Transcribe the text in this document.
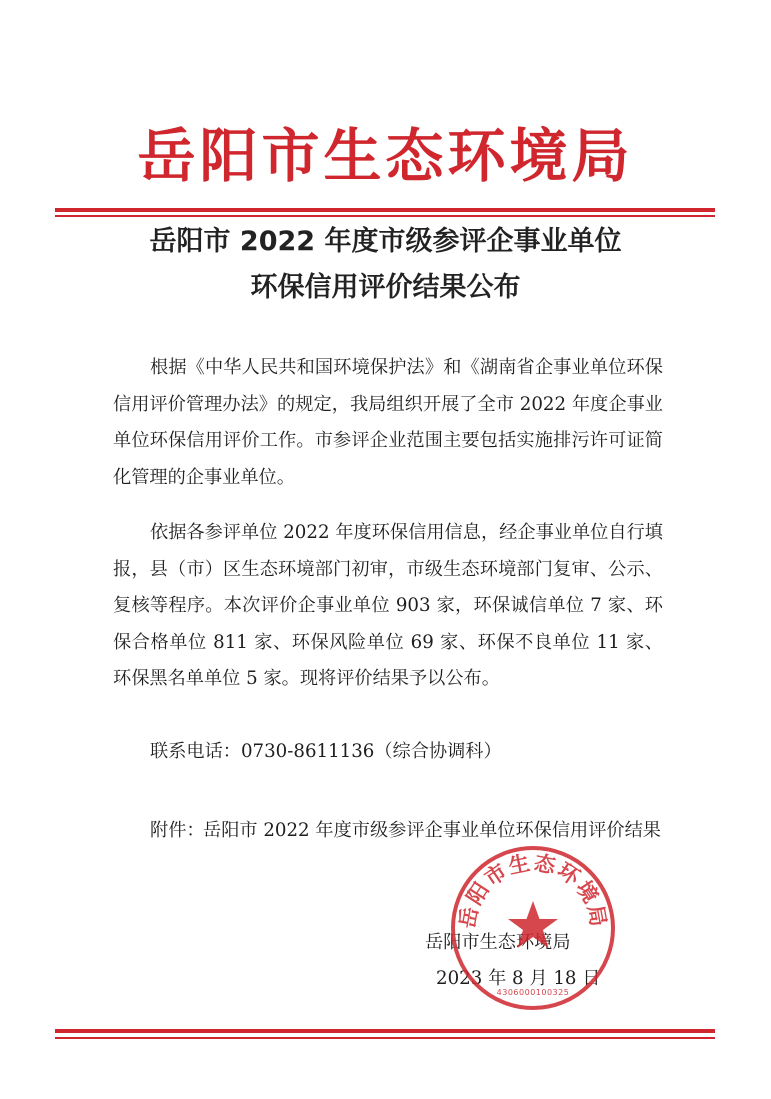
岳阳市生态环境局
岳阳市 2022 年度市级参评企事业单位
环保信用评价结果公布
根据《中华人民共和国环境保护法》和《湖南省企事业单位环保信用评价管理办法》的规定，我局组织开展了全市 2022 年度企事业单位环保信用评价工作。市参评企业范围主要包括实施排污许可证简化管理的企事业单位。
依据各参评单位 2022 年度环保信用信息，经企事业单位自行填报，县（市）区生态环境部门初审，市级生态环境部门复审、公示、复核等程序。本次评价企事业单位 903 家，环保诚信单位 7 家、环保合格单位 811 家、环保风险单位 69 家、环保不良单位 11 家、环保黑名单单位 5 家。现将评价结果予以公布。
联系电话：0730-8611136（综合协调科）
附件：
岳阳市 2022 年度市级参评企事业单位环保信用评价结果
岳阳市生态环境局
2023 年 8 月 18 日
岳阳市生态环境局
4306000100325
